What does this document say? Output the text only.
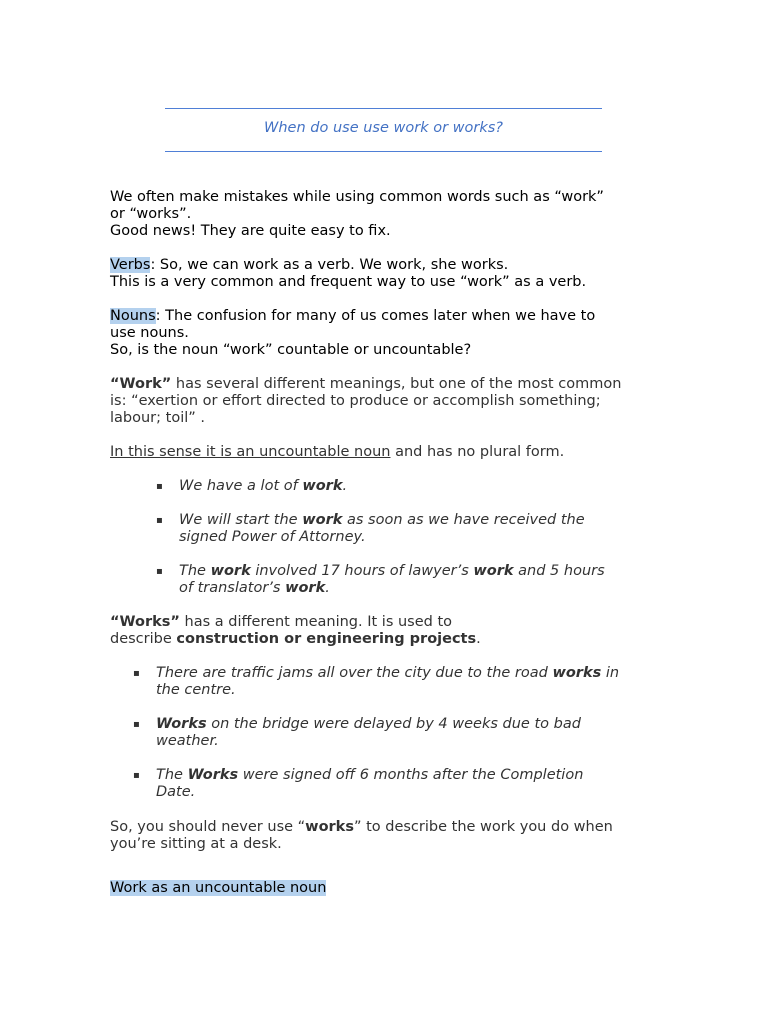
When do use use work or works?
We often make mistakes while using common words such as “work”
or “works”.
Good news! They are quite easy to fix.
Verbs: So, we can work as a verb. We work, she works.
This is a very common and frequent way to use “work” as a verb.
Nouns: The confusion for many of us comes later when we have to
use nouns.
So, is the noun “work” countable or uncountable?
“Work” has several different meanings, but one of the most common
is: “exertion or effort directed to produce or accomplish something;
labour; toil” .
In this sense it is an uncountable noun and has no plural form.
▪ We have a lot of work.
▪ We will start the work as soon as we have received the
signed Power of Attorney.
▪ The work involved 17 hours of lawyer’s work and 5 hours
of translator’s work.
“Works” has a different meaning. It is used to
describe construction or engineering projects.
▪ There are traffic jams all over the city due to the road works in
the centre.
▪ Works on the bridge were delayed by 4 weeks due to bad
weather.
▪ The Works were signed off 6 months after the Completion
Date.
So, you should never use “works” to describe the work you do when
you’re sitting at a desk.
Work as an uncountable noun
